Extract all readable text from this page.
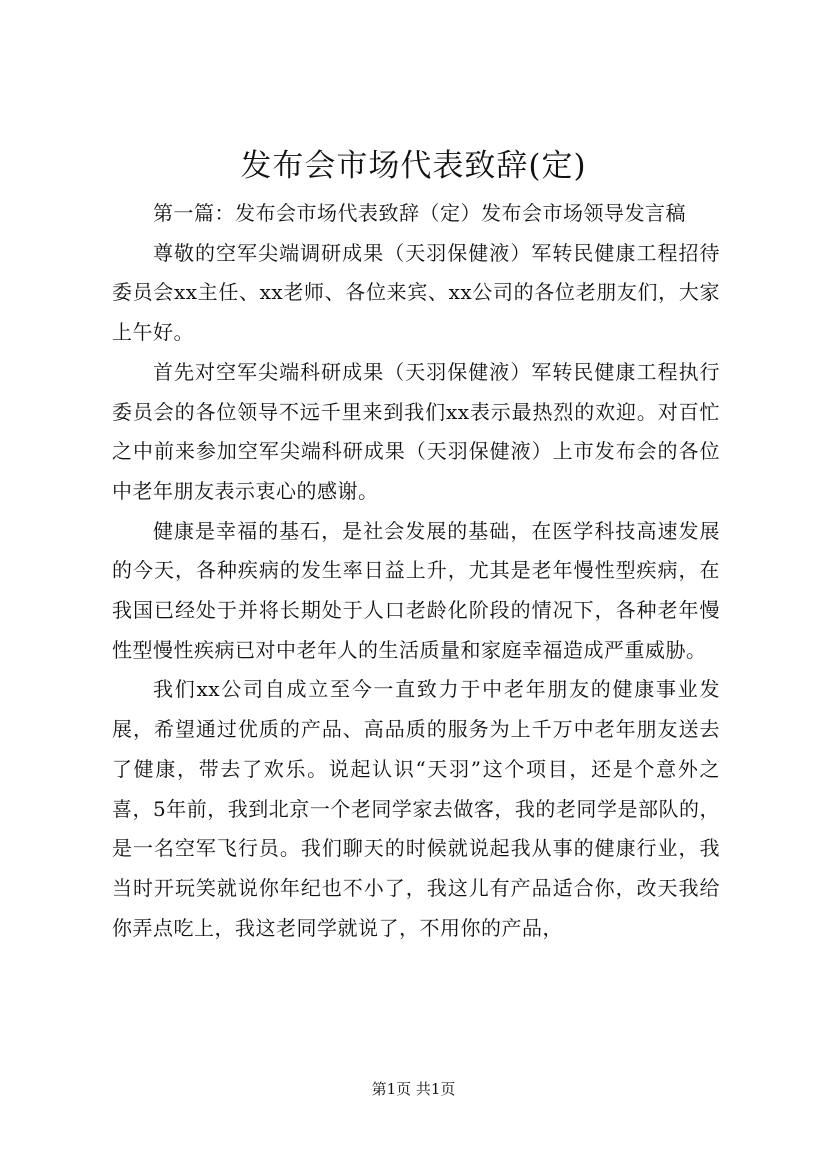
发布会市场代表致辞(定)

第一篇：发布会市场代表致辞（定）发布会市场领导发言稿

尊敬的空军尖端调研成果（天羽保健液）军转民健康工程招待委员会xx主任、xx老师、各位来宾、xx公司的各位老朋友们，大家上午好。

首先对空军尖端科研成果（天羽保健液）军转民健康工程执行委员会的各位领导不远千里来到我们xx表示最热烈的欢迎。对百忙之中前来参加空军尖端科研成果（天羽保健液）上市发布会的各位中老年朋友表示衷心的感谢。

健康是幸福的基石，是社会发展的基础，在医学科技高速发展的今天，各种疾病的发生率日益上升，尤其是老年慢性型疾病，在我国已经处于并将长期处于人口老龄化阶段的情况下，各种老年慢性型慢性疾病已对中老年人的生活质量和家庭幸福造成严重威胁。

我们xx公司自成立至今一直致力于中老年朋友的健康事业发展，希望通过优质的产品、高品质的服务为上千万中老年朋友送去了健康，带去了欢乐。说起认识“天羽”这个项目，还是个意外之喜，5年前，我到北京一个老同学家去做客，我的老同学是部队的，是一名空军飞行员。我们聊天的时候就说起我从事的健康行业，我当时开玩笑就说你年纪也不小了，我这儿有产品适合你，改天我给你弄点吃上，我这老同学就说了，不用你的产品，

第1页 共1页
